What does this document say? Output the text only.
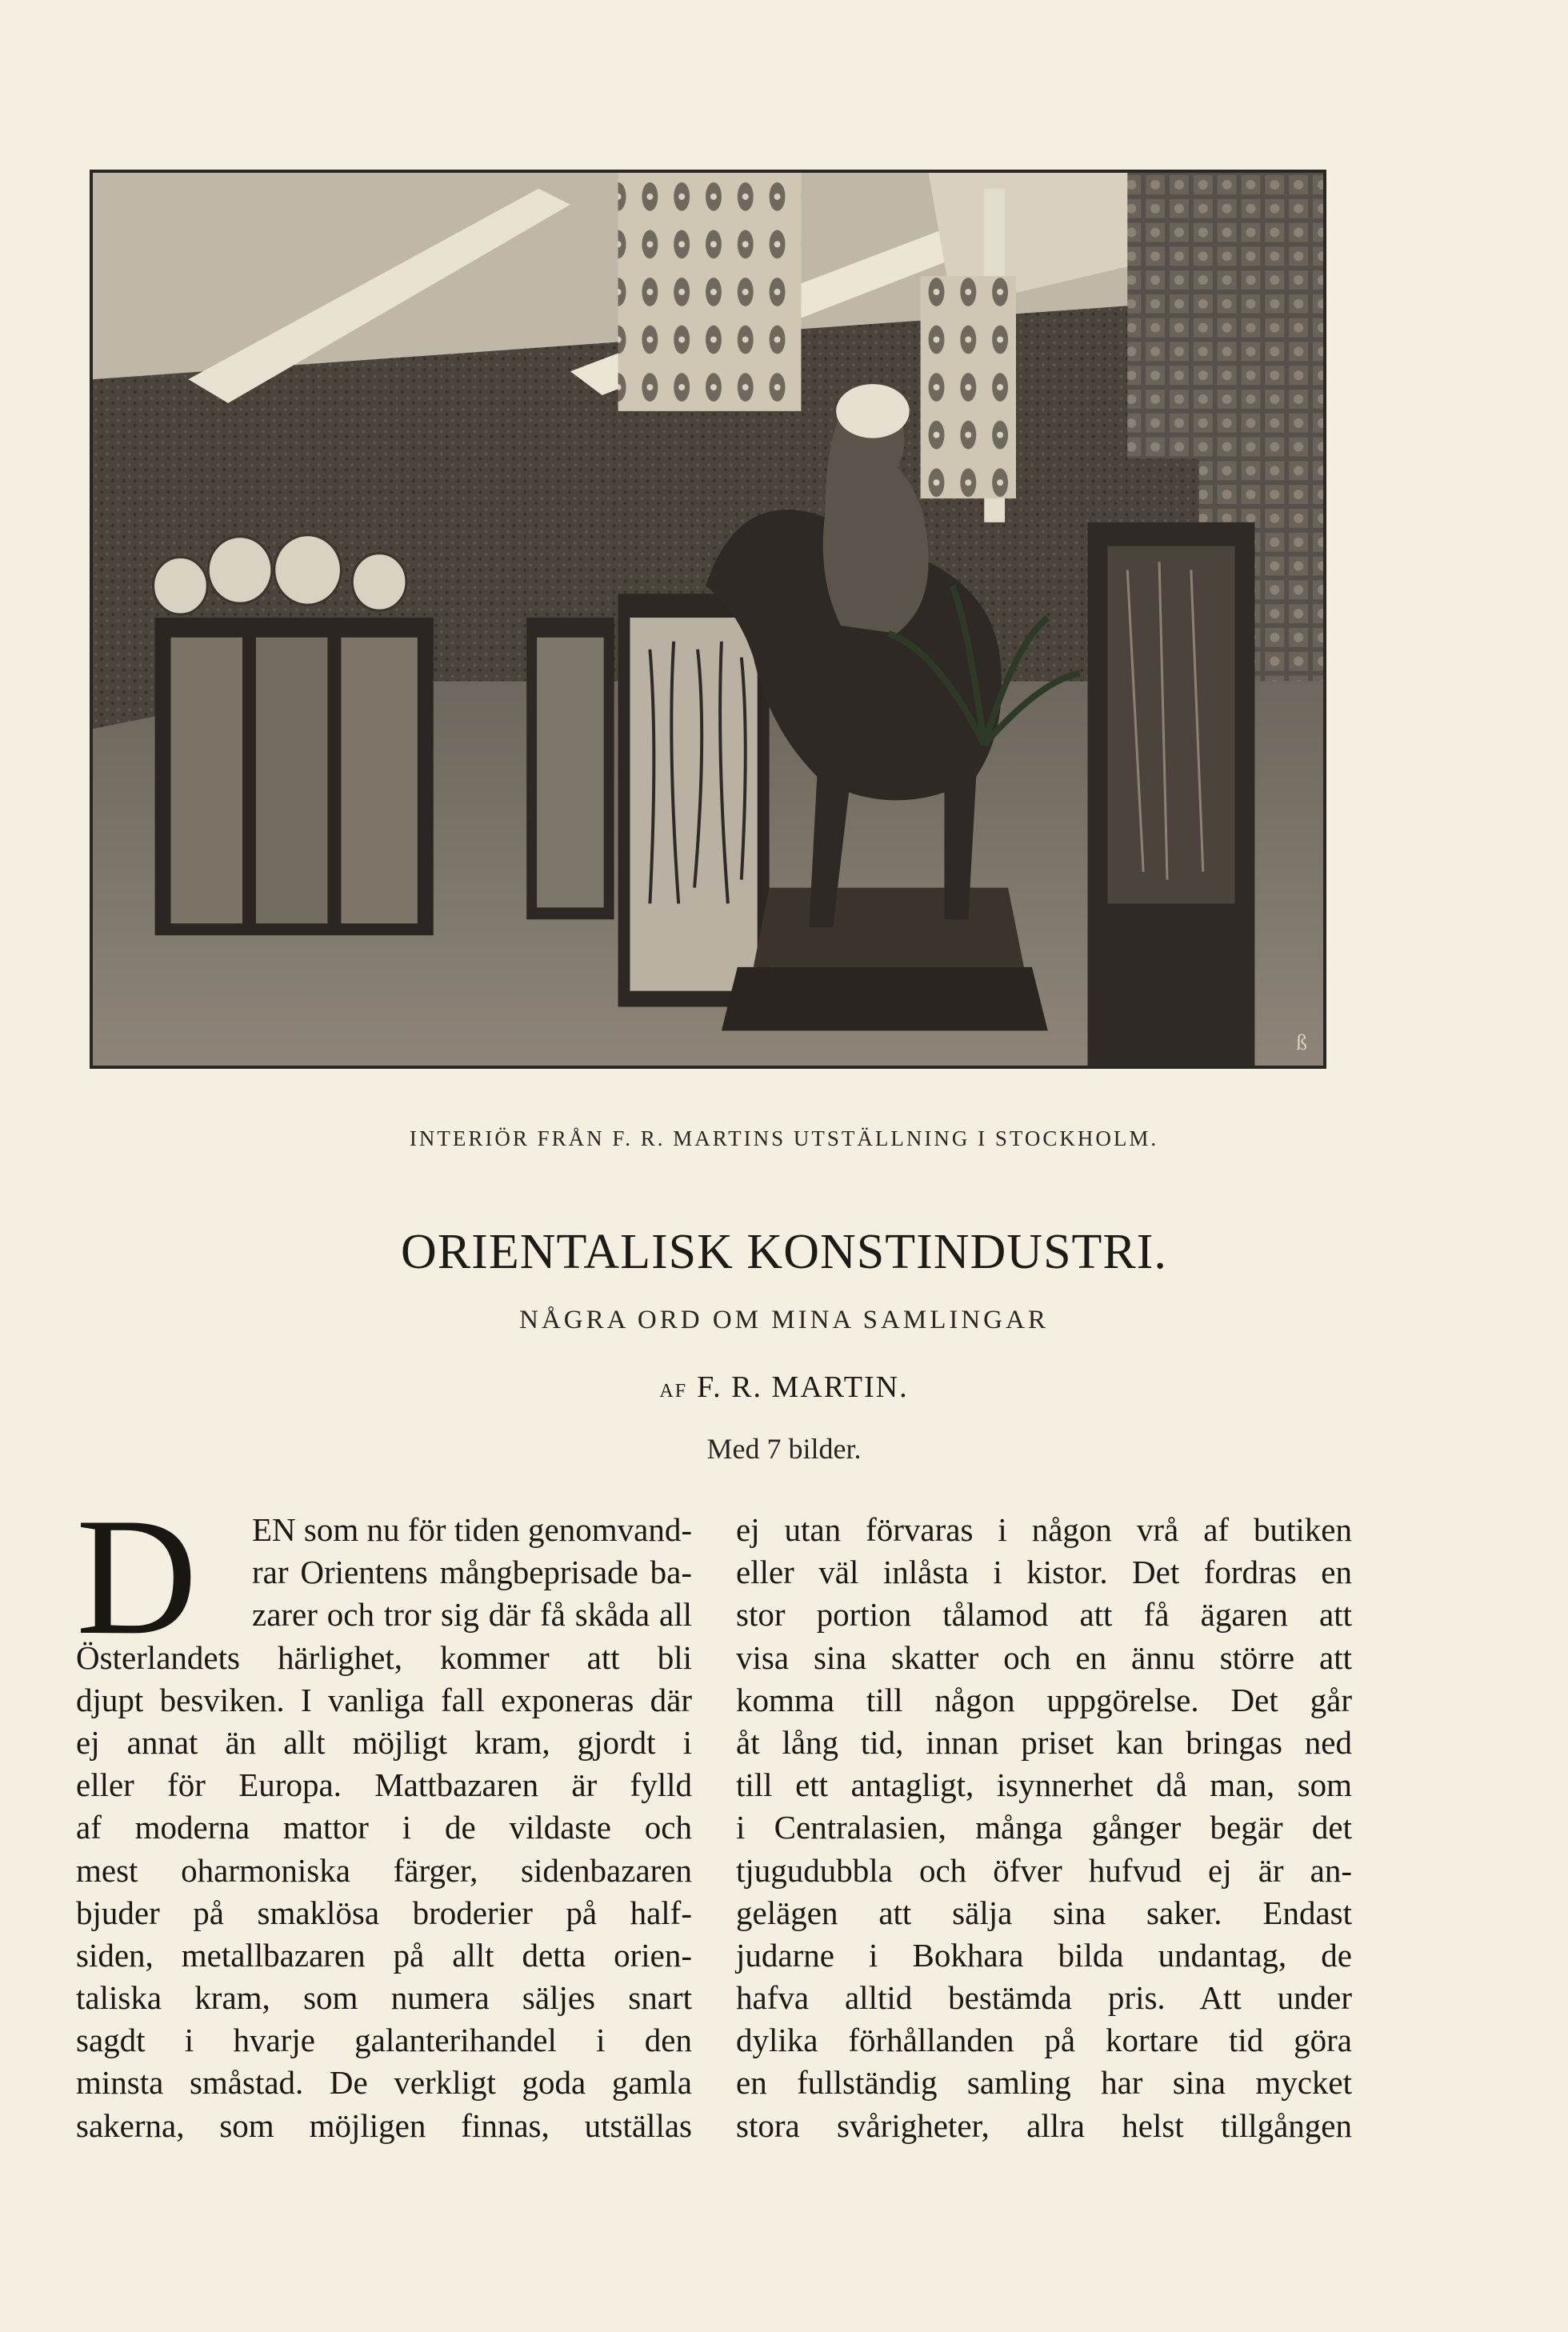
ß
INTERIÖR FRÅN F. R. MARTINS UTSTÄLLNING I STOCKHOLM.
ORIENTALISK KONSTINDUSTRI.
NÅGRA ORD OM MINA SAMLINGAR
AF F. R. MARTIN.
Med 7 bilder.
D	EN som nu för tiden genomvand-
rar Orientens mångbeprisade ba-
zarer och tror sig där få skåda all
Österlandets härlighet, kommer att bli
djupt besviken. I vanliga fall exponeras där
ej annat än allt möjligt kram, gjordt i
eller för Europa. Mattbazaren är fylld
af moderna mattor i de vildaste och
mest oharmoniska färger, sidenbazaren
bjuder på smaklösa broderier på half-
siden, metallbazaren på allt detta orien-
taliska kram, som numera säljes snart
sagdt i hvarje galanterihandel i den
minsta småstad. De verkligt goda gamla
sakerna, som möjligen finnas, utställas
ej utan förvaras i någon vrå af butiken
eller väl inlåsta i kistor. Det fordras en
stor portion tålamod att få ägaren att
visa sina skatter och en ännu större att
komma till någon uppgörelse. Det går
åt lång tid, innan priset kan bringas ned
till ett antagligt, isynnerhet då man, som
i Centralasien, många gånger begär det
tjugudubbla och öfver hufvud ej är an-
gelägen att sälja sina saker. Endast
judarne i Bokhara bilda undantag, de
hafva alltid bestämda pris. Att under
dylika förhållanden på kortare tid göra
en fullständig samling har sina mycket
stora svårigheter, allra helst tillgången
